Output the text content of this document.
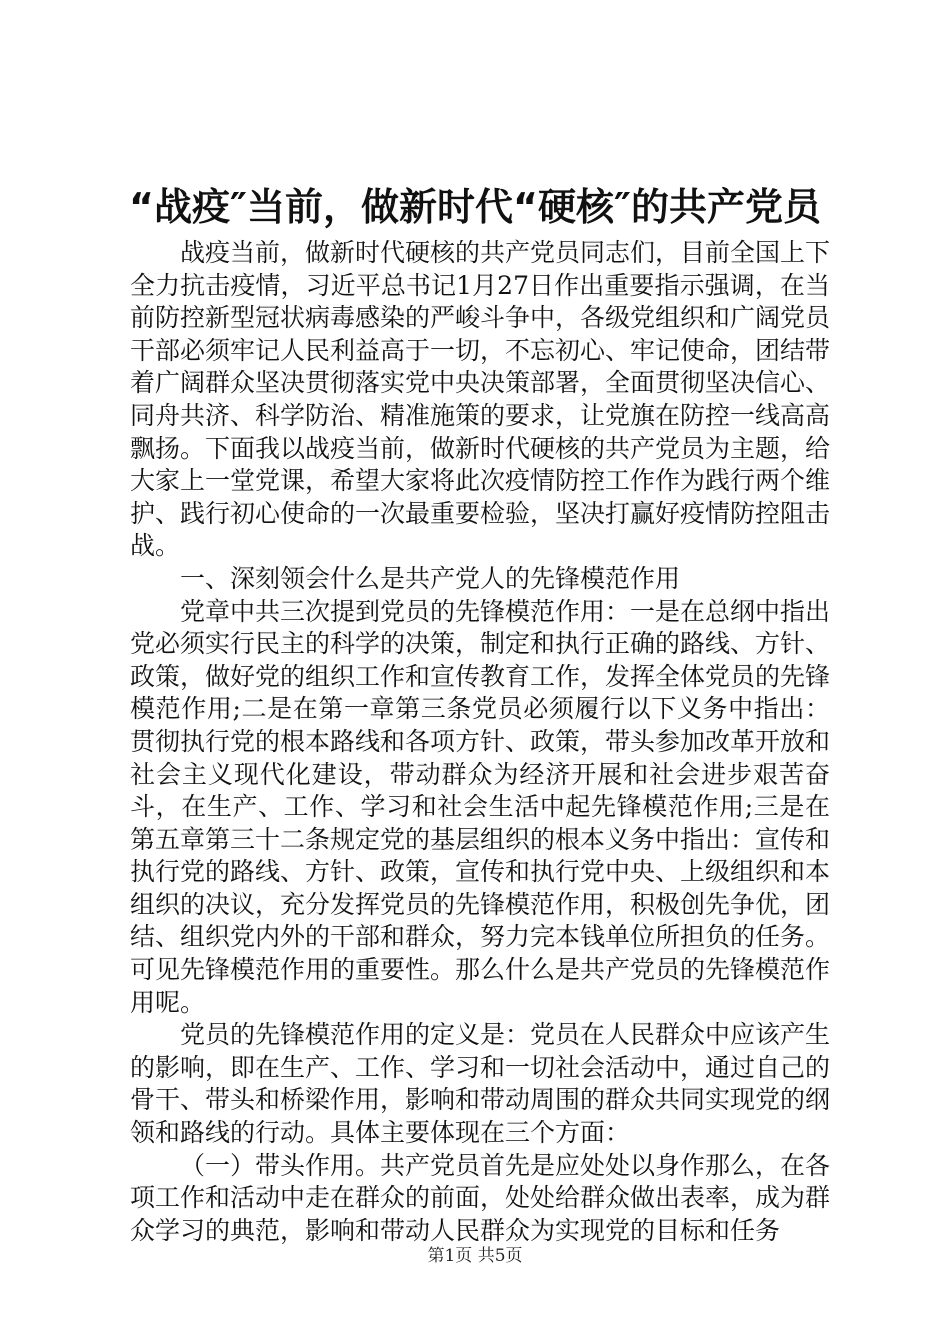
“战疫″当前，做新时代“硬核″的共产党员

战疫当前，做新时代硬核的共产党员同志们，目前全国上下全力抗击疫情，习近平总书记1月27日作出重要指示强调，在当前防控新型冠状病毒感染的严峻斗争中，各级党组织和广阔党员干部必须牢记人民利益高于一切，不忘初心、牢记使命，团结带着广阔群众坚决贯彻落实党中央决策部署，全面贯彻坚决信心、同舟共济、科学防治、精准施策的要求，让党旗在防控一线高高飘扬。下面我以战疫当前，做新时代硬核的共产党员为主题，给大家上一堂党课，希望大家将此次疫情防控工作作为践行两个维护、践行初心使命的一次最重要检验，坚决打赢好疫情防控阻击战。

一、深刻领会什么是共产党人的先锋模范作用

党章中共三次提到党员的先锋模范作用：一是在总纲中指出党必须实行民主的科学的决策，制定和执行正确的路线、方针、政策，做好党的组织工作和宣传教育工作，发挥全体党员的先锋模范作用;二是在第一章第三条党员必须履行以下义务中指出：贯彻执行党的根本路线和各项方针、政策，带头参加改革开放和社会主义现代化建设，带动群众为经济开展和社会进步艰苦奋斗，在生产、工作、学习和社会生活中起先锋模范作用;三是在第五章第三十二条规定党的基层组织的根本义务中指出：宣传和执行党的路线、方针、政策，宣传和执行党中央、上级组织和本组织的决议，充分发挥党员的先锋模范作用，积极创先争优，团结、组织党内外的干部和群众，努力完本钱单位所担负的任务。可见先锋模范作用的重要性。那么什么是共产党员的先锋模范作用呢。

党员的先锋模范作用的定义是：党员在人民群众中应该产生的影响，即在生产、工作、学习和一切社会活动中，通过自己的骨干、带头和桥梁作用，影响和带动周围的群众共同实现党的纲领和路线的行动。具体主要体现在三个方面：

（一）带头作用。共产党员首先是应处处以身作那么，在各项工作和活动中走在群众的前面，处处给群众做出表率，成为群众学习的典范，影响和带动人民群众为实现党的目标和任务

第1页 共5页
